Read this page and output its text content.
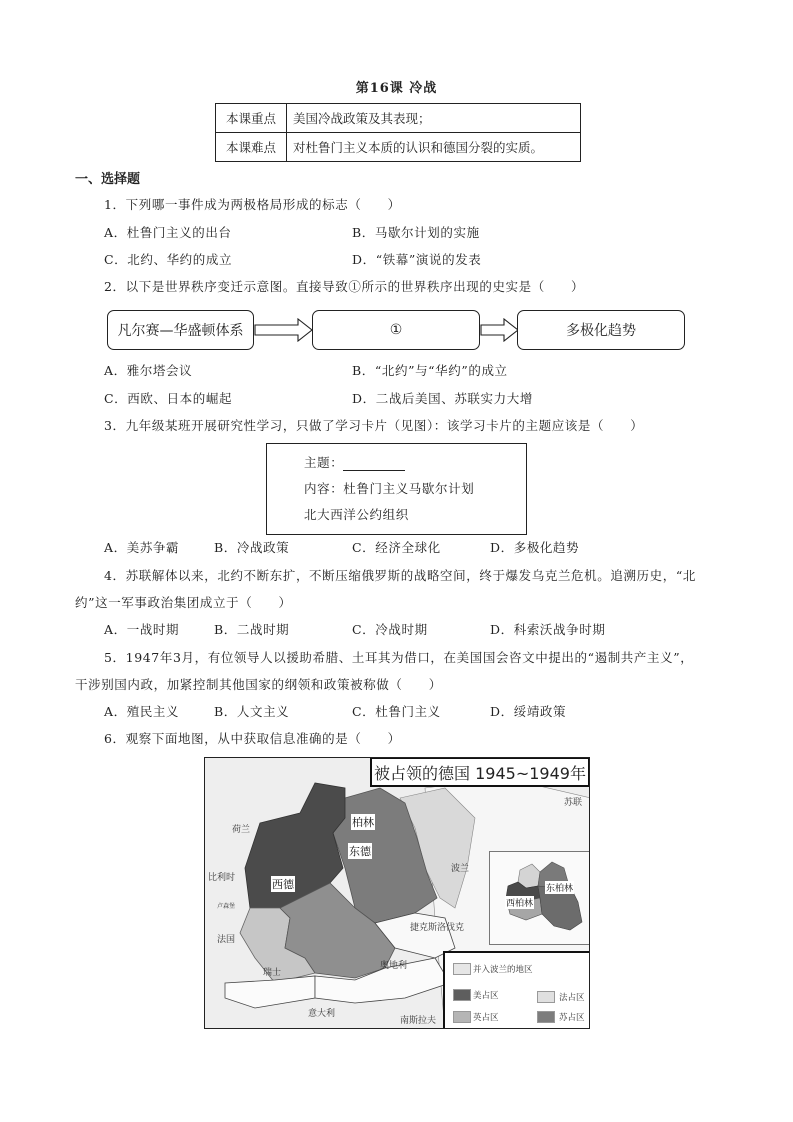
第16课 冷战
本课重点	美国冷战政策及其表现；
本课难点	对杜鲁门主义本质的认识和德国分裂的实质。
一、选择题
1．下列哪一事件成为两极格局形成的标志（　　）
A．杜鲁门主义的出台	B．马歇尔计划的实施
C．北约、华约的成立	D．“铁幕”演说的发表
2．以下是世界秩序变迁示意图。直接导致①所示的世界秩序出现的史实是（　　）
凡尔赛—华盛顿体系	①	多极化趋势
A．雅尔塔会议	B．“北约”与“华约”的成立
C．西欧、日本的崛起	D．二战后美国、苏联实力大增
3．九年级某班开展研究性学习，只做了学习卡片（见图）：该学习卡片的主题应该是（　　）
主题：
内容：杜鲁门主义马歇尔计划
北大西洋公约组织
A．美苏争霸	B．冷战政策	C．经济全球化	D．多极化趋势
4．苏联解体以来，北约不断东扩，不断压缩俄罗斯的战略空间，终于爆发乌克兰危机。追溯历史，“北
约”这一军事政治集团成立于（　　）
A．一战时期	B．二战时期	C．冷战时期	D．科索沃战争时期
5．1947年3月，有位领导人以援助希腊、土耳其为借口，在美国国会咨文中提出的“遏制共产主义”，
干涉别国内政，加紧控制其他国家的纲领和政策被称做（　　）
A．殖民主义	B．人文主义	C．杜鲁门主义	D．绥靖政策
6．观察下面地图，从中获取信息准确的是（　　）
被占领的德国 1945~1949年
柏林
东德
西德
荷兰
比利时
卢森堡
法国
瑞士
意大利
奥地利
捷克斯洛伐克
南斯拉夫
波兰
苏联
东柏林
西柏林
并入波兰的地区
美占区	法占区
英占区	苏占区
